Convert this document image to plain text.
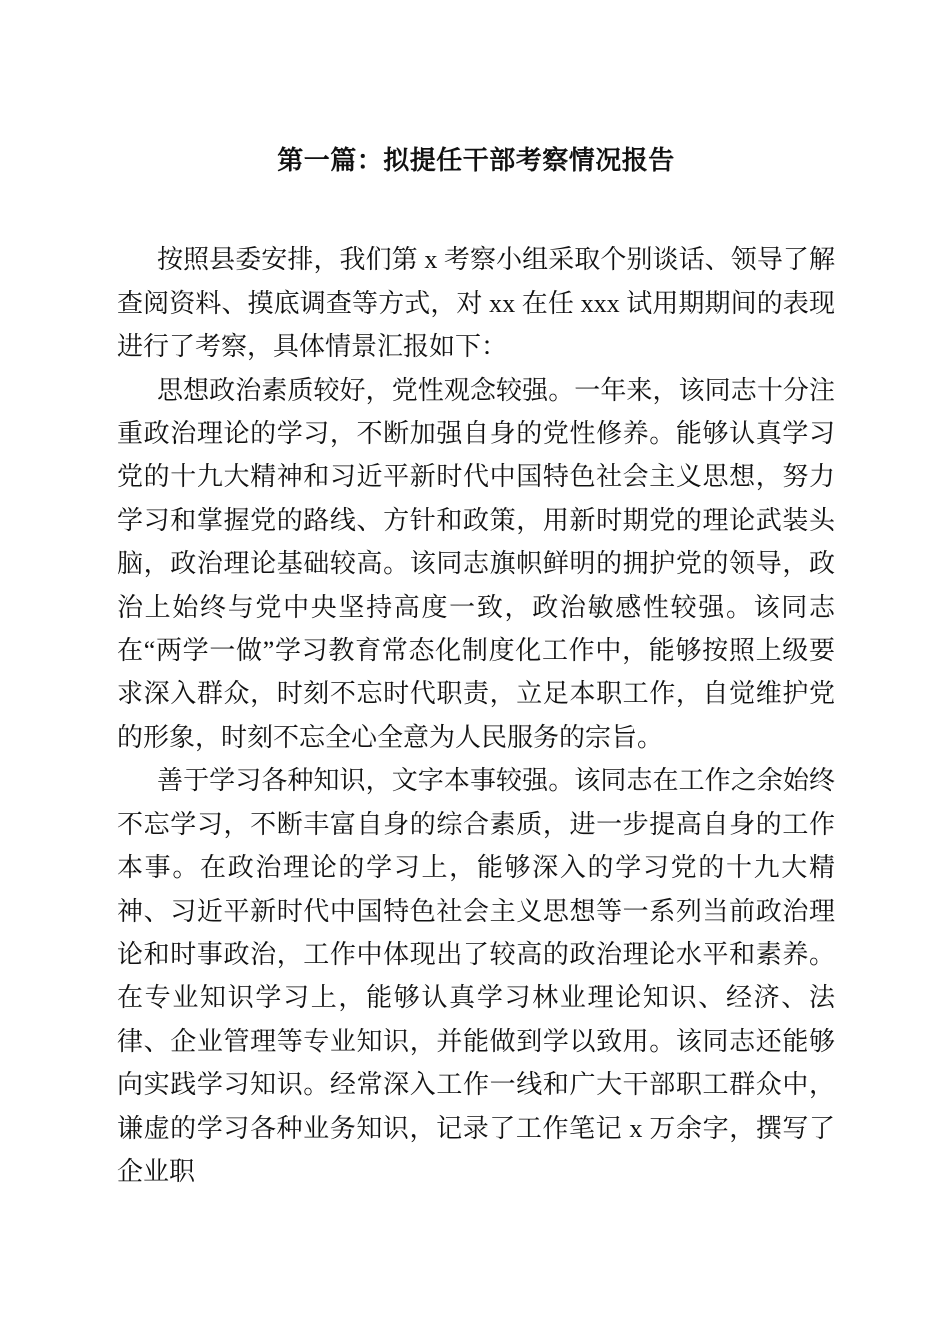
第一篇：拟提任干部考察情况报告

按照县委安排，我们第 x 考察小组采取个别谈话、领导了解查阅资料、摸底调查等方式，对 xx 在任 xxx 试用期期间的表现进行了考察，具体情景汇报如下：

思想政治素质较好，党性观念较强。一年来，该同志十分注重政治理论的学习，不断加强自身的党性修养。能够认真学习党的十九大精神和习近平新时代中国特色社会主义思想，努力学习和掌握党的路线、方针和政策，用新时期党的理论武装头脑，政治理论基础较高。该同志旗帜鲜明的拥护党的领导，政治上始终与党中央坚持高度一致，政治敏感性较强。该同志在“两学一做”学习教育常态化制度化工作中，能够按照上级要求深入群众，时刻不忘时代职责，立足本职工作，自觉维护党的形象，时刻不忘全心全意为人民服务的宗旨。

善于学习各种知识，文字本事较强。该同志在工作之余始终不忘学习，不断丰富自身的综合素质，进一步提高自身的工作本事。在政治理论的学习上，能够深入的学习党的十九大精神、习近平新时代中国特色社会主义思想等一系列当前政治理论和时事政治，工作中体现出了较高的政治理论水平和素养。在专业知识学习上，能够认真学习林业理论知识、经济、法律、企业管理等专业知识，并能做到学以致用。该同志还能够向实践学习知识。经常深入工作一线和广大干部职工群众中，谦虚的学习各种业务知识，记录了工作笔记 x 万余字，撰写了企业职
